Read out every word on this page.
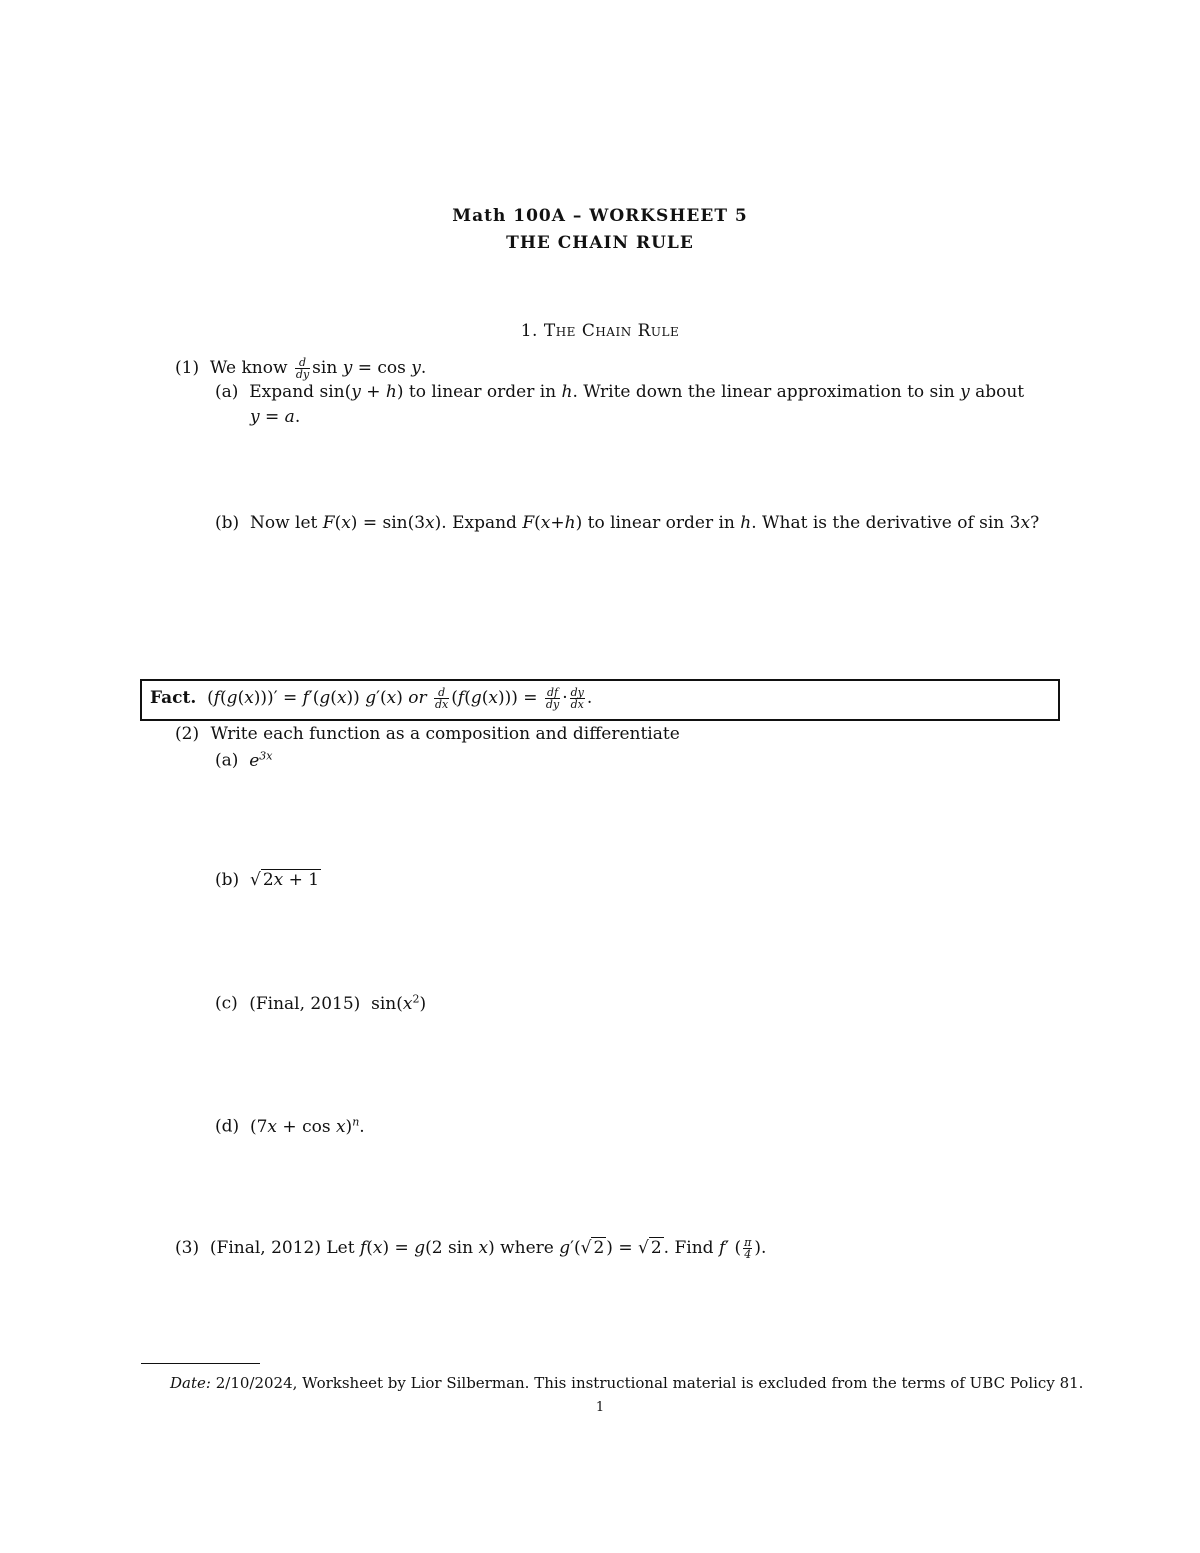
Math 100A – WORKSHEET 5
THE CHAIN RULE
1. The Chain Rule
(1)  We know $\frac{d}{dy}$ sin y = cos y.
(a)  Expand sin(y + h) to linear order in h. Write down the linear approximation to sin y about
y = a.
(b)  Now let F(x) = sin(3x). Expand F(x+h) to linear order in h. What is the derivative of sin 3x?
Fact.  (f(g(x)))′ = f′(g(x)) g′(x) or $\frac{d}{dx} (f(g(x))) = \frac{df}{dy} \cdot \frac{dy}{dx}$ .
(2) Write each function as a composition and differentiate
(a) $e^{3x}$
(b)  √ 2x + 1
(c) (Final, 2015)  $\sin(x^2)$
(d)  $(7x + \cos x)^n$.
(3)  (Final, 2012) Let f(x) = g(2 sin x) where g′(√ 2 ) = √ 2 . Find f′ ( $\frac{\pi}{4}$ ).
Date: 2/10/2024, Worksheet by Lior Silberman. This instructional material is excluded from the terms of UBC Policy 81.
1
